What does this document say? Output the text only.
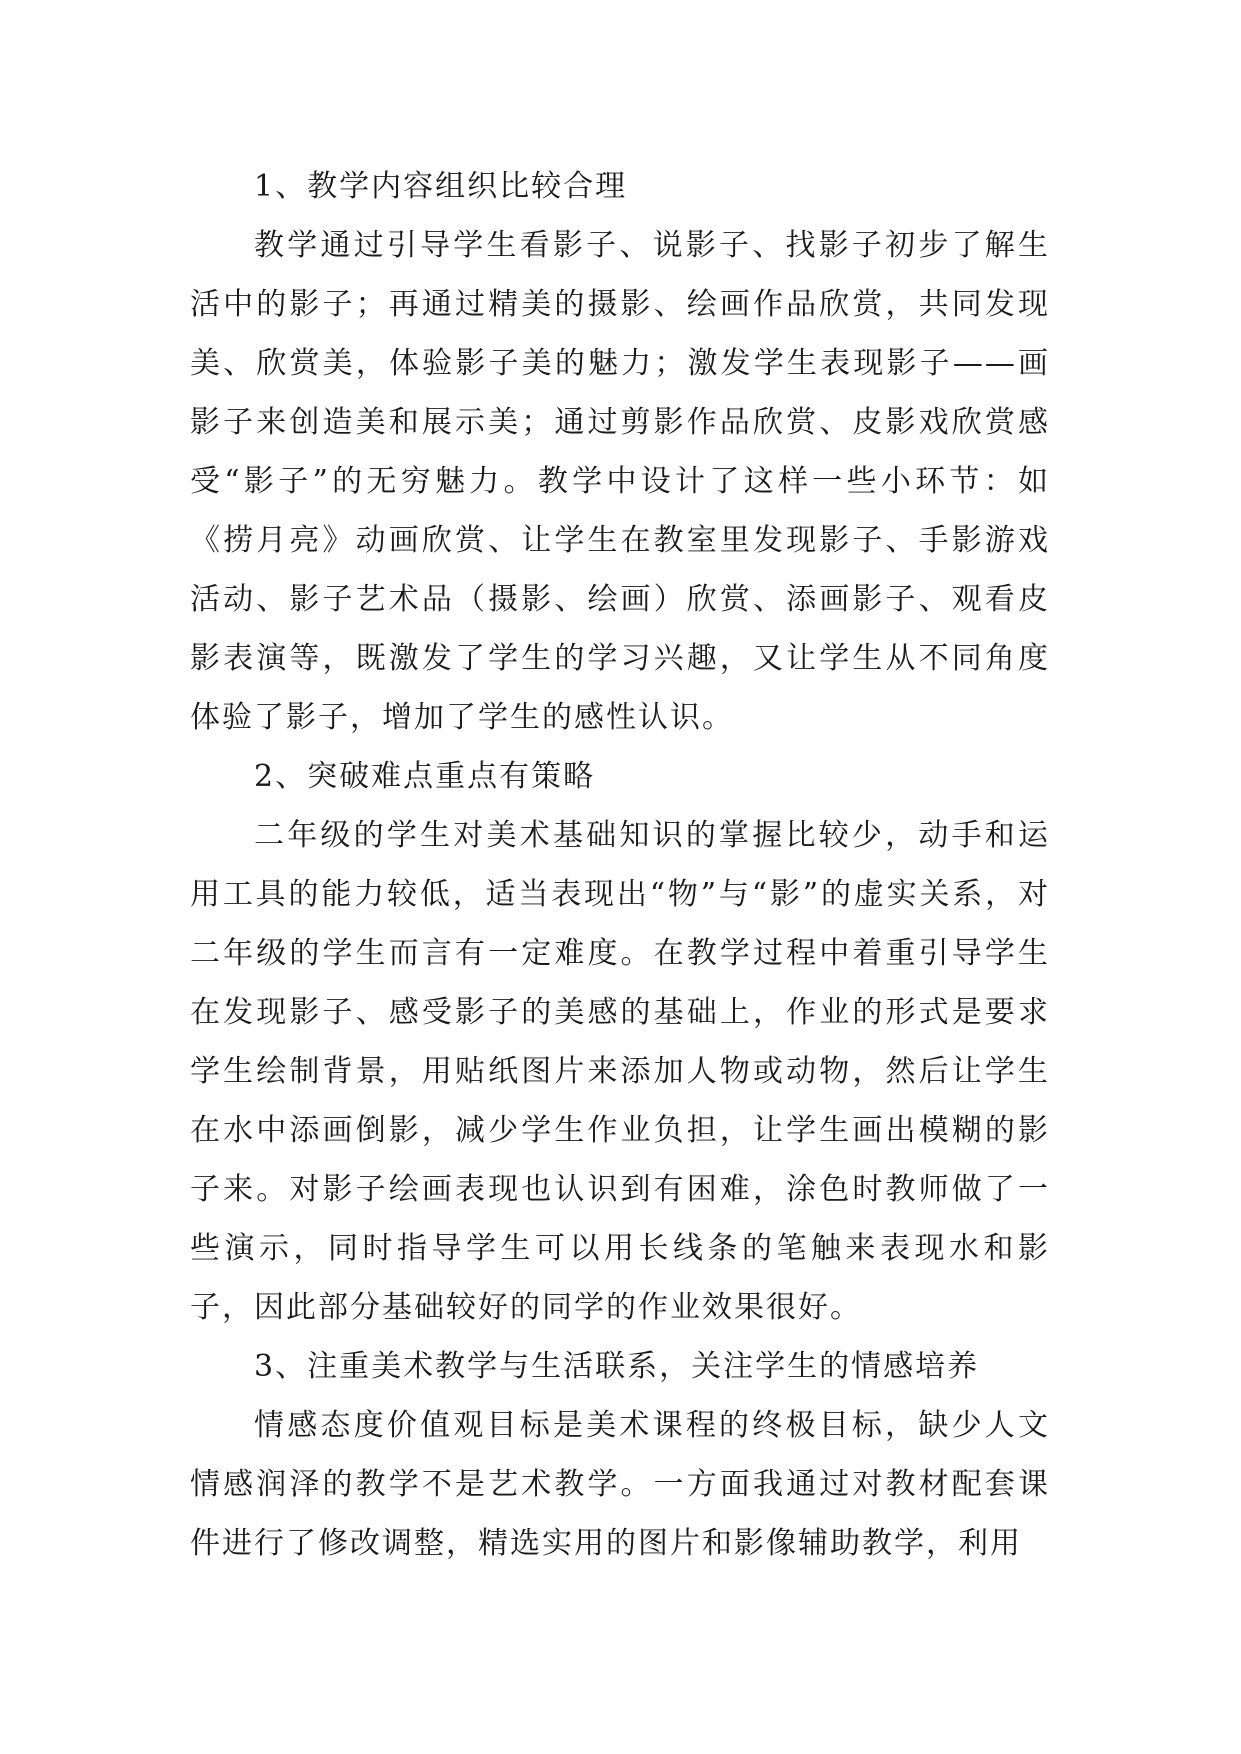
1、教学内容组织比较合理

教学通过引导学生看影子、说影子、找影子初步了解生活中的影子；再通过精美的摄影、绘画作品欣赏，共同发现美、欣赏美，体验影子美的魅力；激发学生表现影子——画影子来创造美和展示美；通过剪影作品欣赏、皮影戏欣赏感受“影子”的无穷魅力。教学中设计了这样一些小环节：如《捞月亮》动画欣赏、让学生在教室里发现影子、手影游戏活动、影子艺术品（摄影、绘画）欣赏、添画影子、观看皮影表演等，既激发了学生的学习兴趣，又让学生从不同角度体验了影子，增加了学生的感性认识。

2、突破难点重点有策略

二年级的学生对美术基础知识的掌握比较少，动手和运用工具的能力较低，适当表现出“物”与“影”的虚实关系，对二年级的学生而言有一定难度。在教学过程中着重引导学生在发现影子、感受影子的美感的基础上，作业的形式是要求学生绘制背景，用贴纸图片来添加人物或动物，然后让学生在水中添画倒影，减少学生作业负担，让学生画出模糊的影子来。对影子绘画表现也认识到有困难，涂色时教师做了一些演示，同时指导学生可以用长线条的笔触来表现水和影子，因此部分基础较好的同学的作业效果很好。

3、注重美术教学与生活联系，关注学生的情感培养

情感态度价值观目标是美术课程的终极目标，缺少人文情感润泽的教学不是艺术教学。一方面我通过对教材配套课件进行了修改调整，精选实用的图片和影像辅助教学，利用
